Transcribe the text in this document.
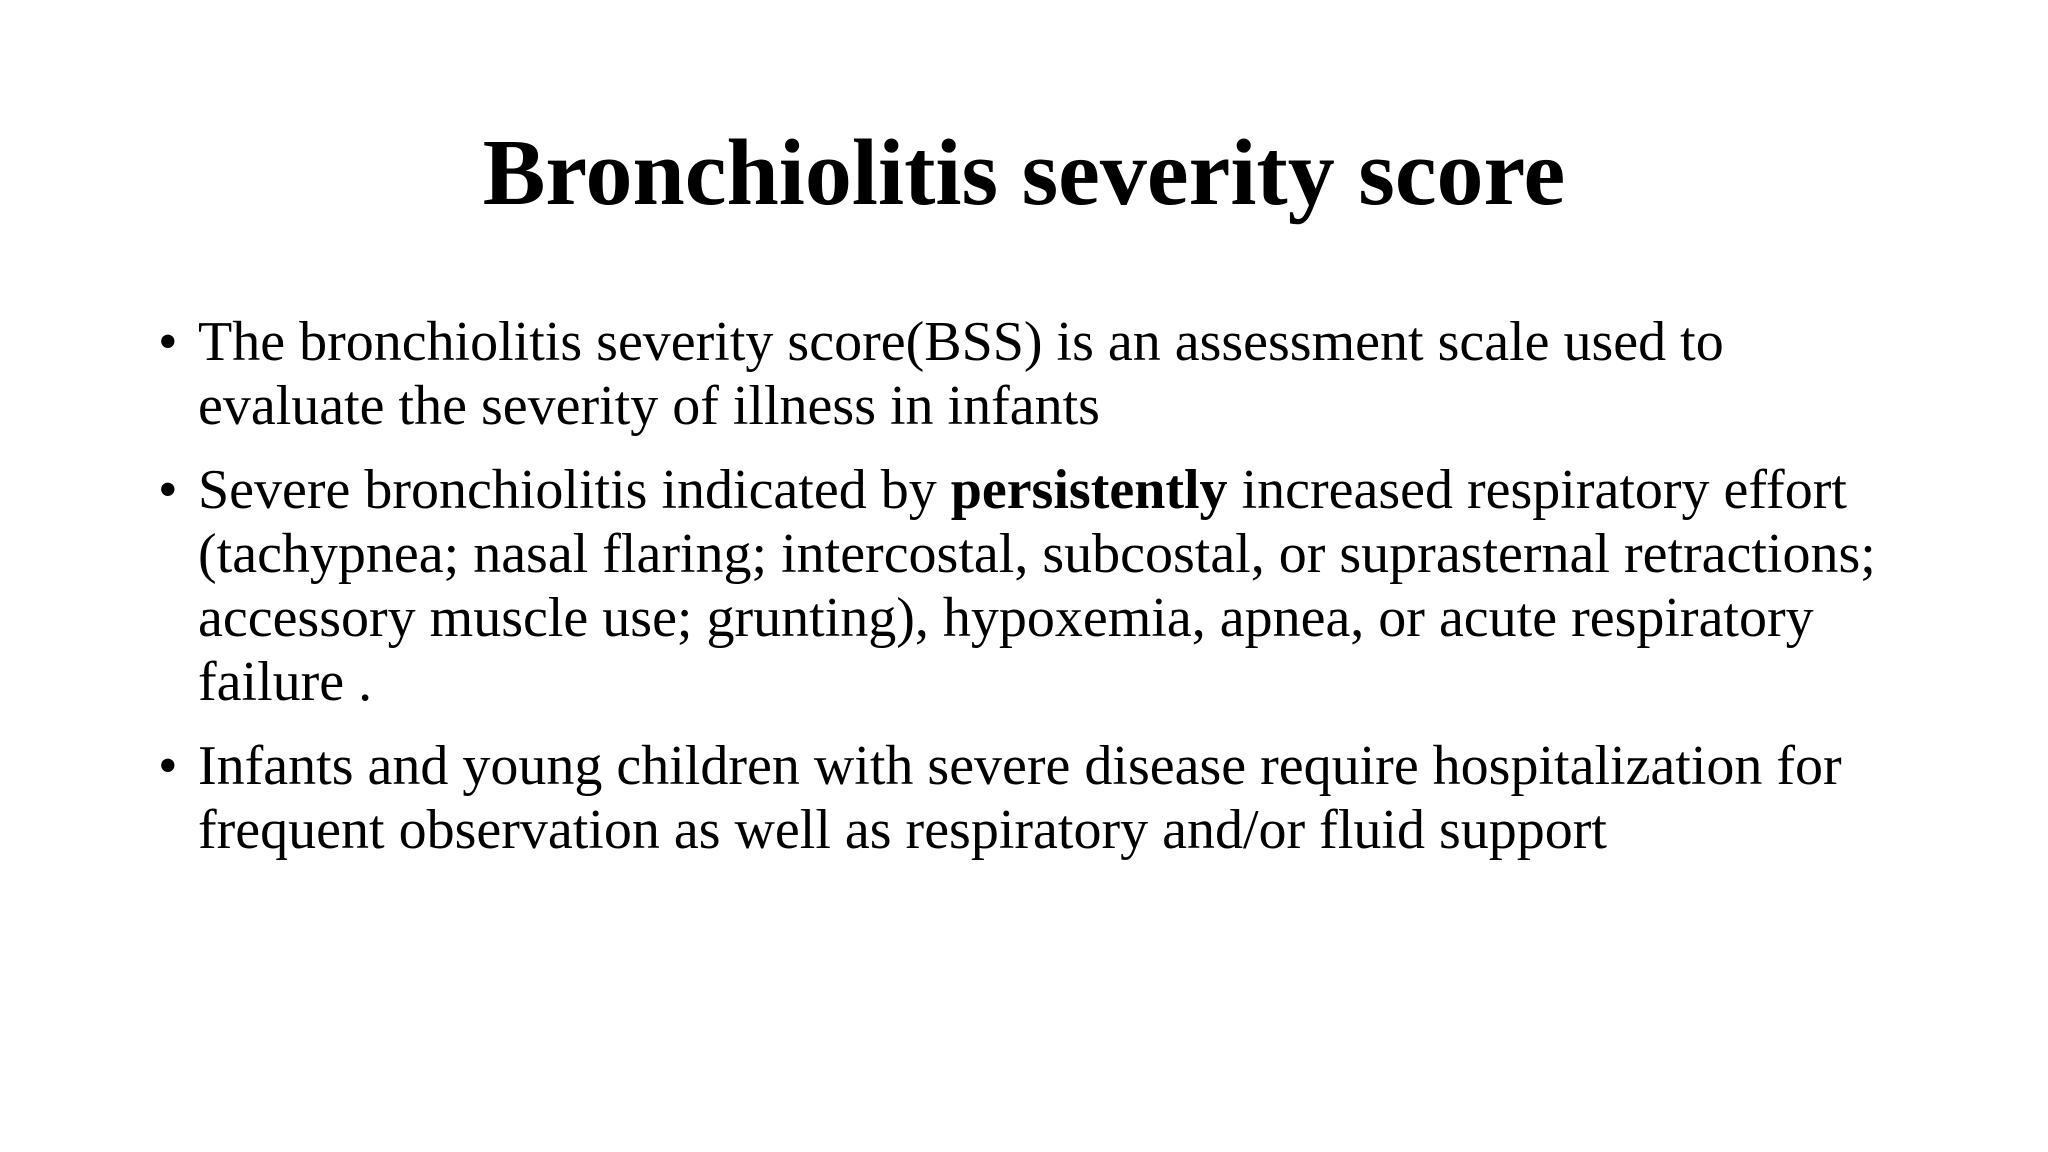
Bronchiolitis severity score
• The bronchiolitis severity score(BSS) is an assessment scale used to evaluate the severity of illness in infants
• Severe bronchiolitis indicated by persistently increased respiratory effort (tachypnea; nasal flaring; intercostal, subcostal, or suprasternal retractions; accessory muscle use; grunting), hypoxemia, apnea, or acute respiratory failure .
• Infants and young children with severe disease require hospitalization for frequent observation as well as respiratory and/or fluid support
